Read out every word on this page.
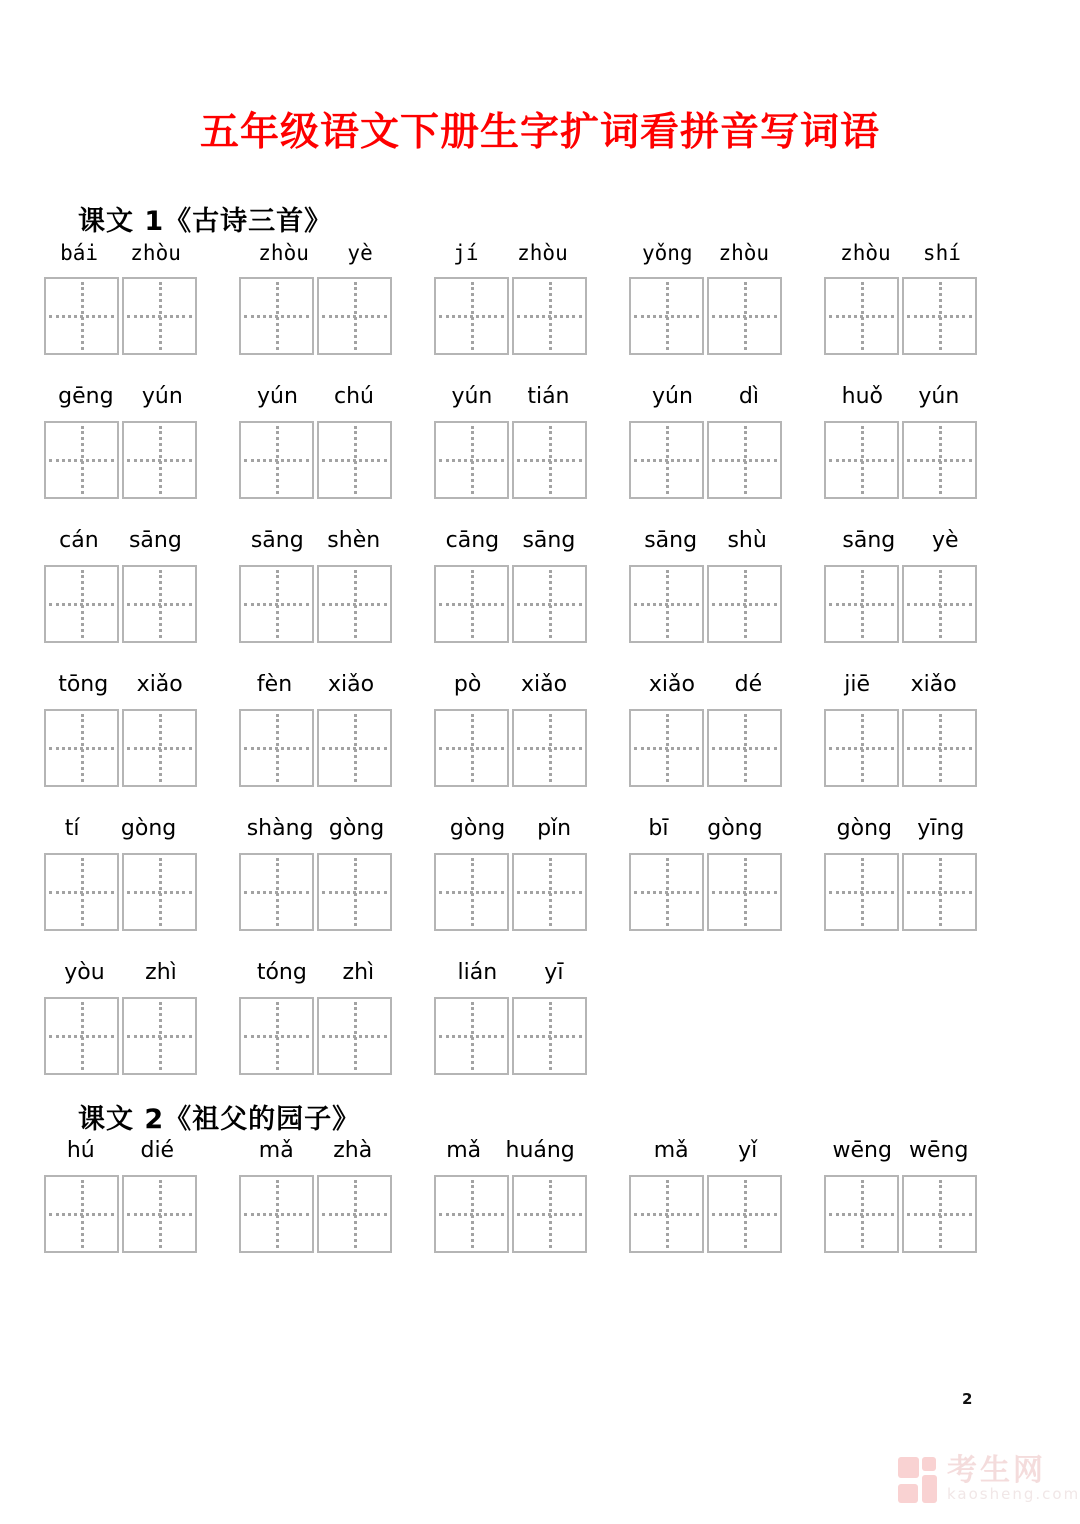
五年级语文下册生字扩词看拼音写词语
课文 1《古诗三首》
bái zhòu	zhòu yè	jí zhòu	yǒng zhòu	zhòu shí
gēng yún	yún chú	yún tián	yún dì	huǒ yún
cán sāng	sāng shèn	cāng sāng	sāng shù	sāng yè
tōng xiǎo	fèn xiǎo	pò xiǎo	xiǎo dé	jiē xiǎo
tí gòng	shàng gòng	gòng pǐn	bī gòng	gòng yīng
yòu zhì	tóng zhì	lián yī
课文 2《祖父的园子》
hú dié	mǎ zhà	mǎ huáng	mǎ yǐ	wēng wēng
2
考生网
kaosheng.com
